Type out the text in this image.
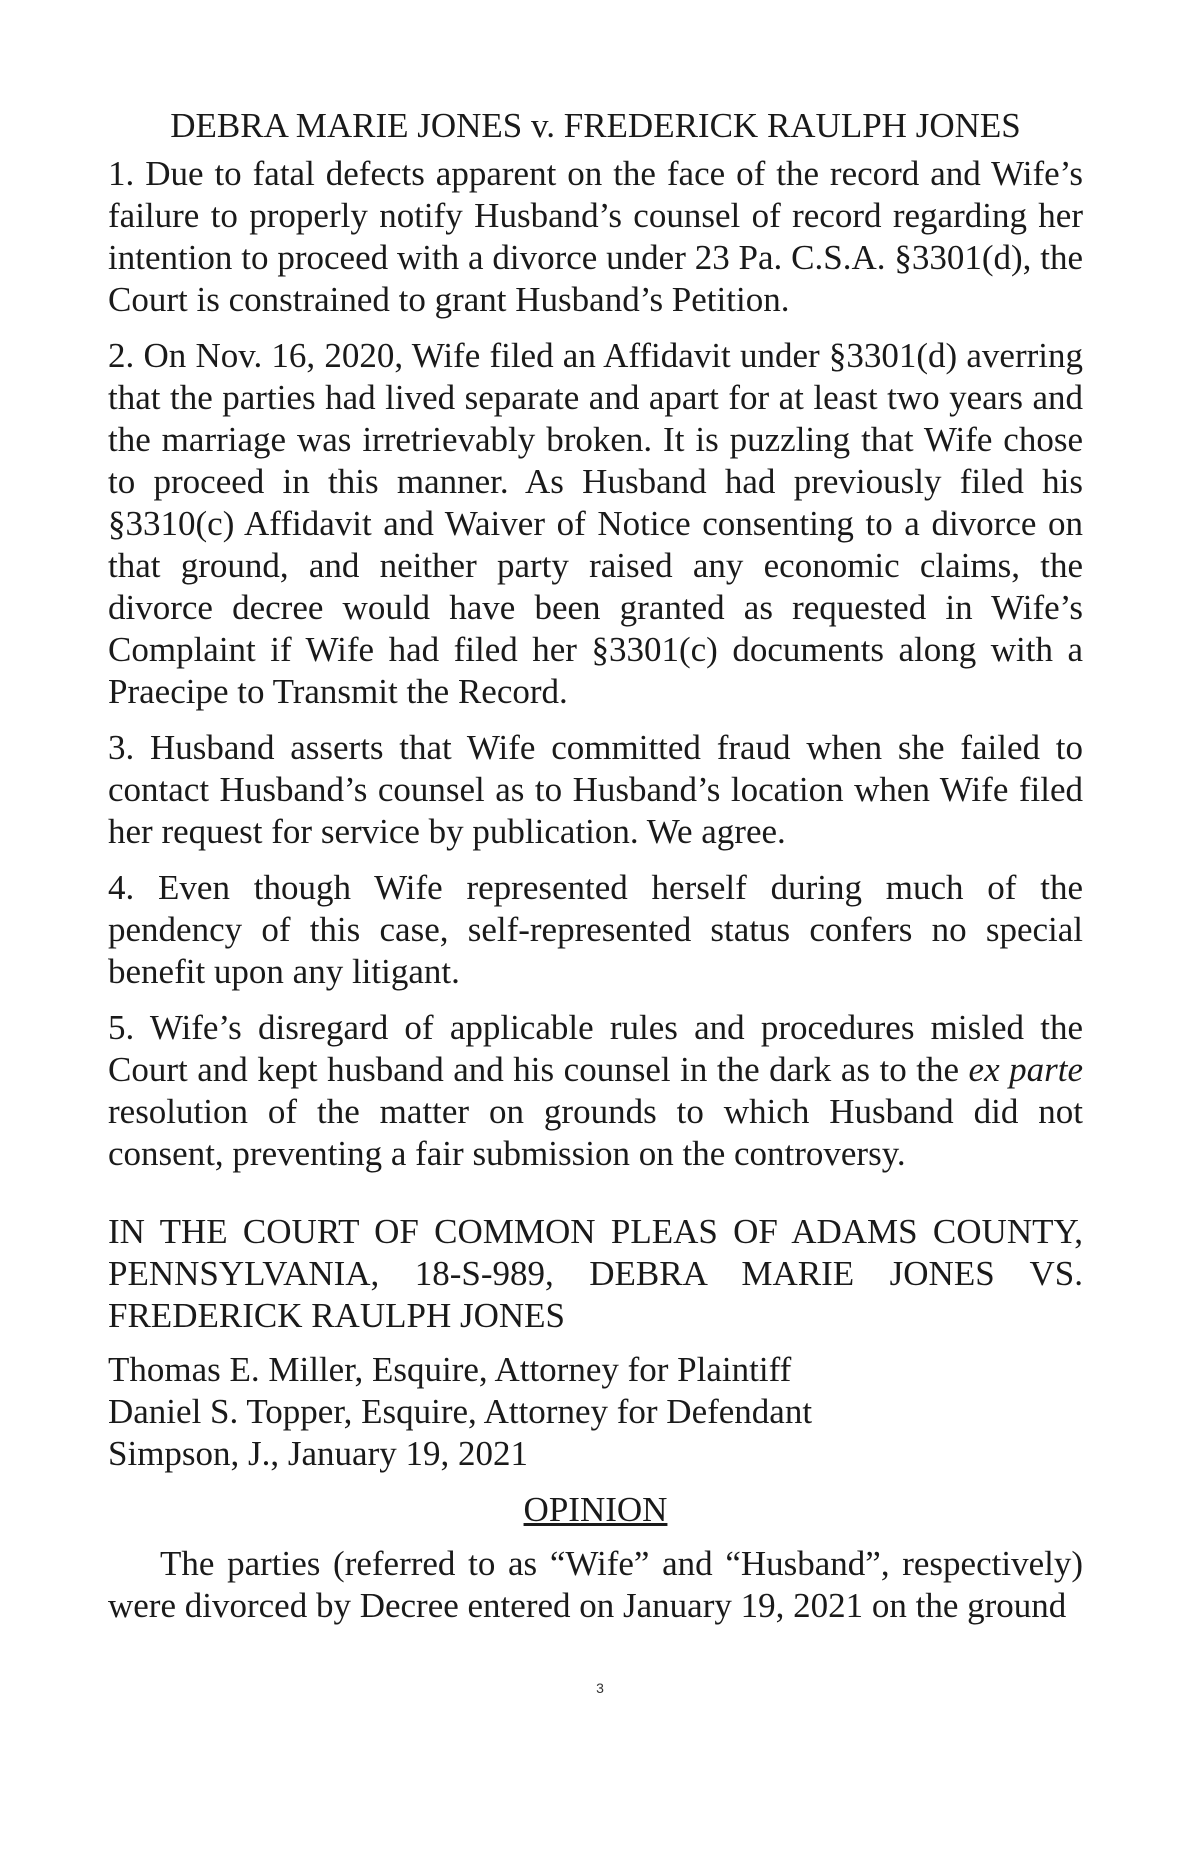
DEBRA MARIE JONES v. FREDERICK RAULPH JONES

1. Due to fatal defects apparent on the face of the record and Wife’s failure to properly notify Husband’s counsel of record regarding her intention to proceed with a divorce under 23 Pa. C.S.A. §3301(d), the Court is constrained to grant Husband’s Petition.

2. On Nov. 16, 2020, Wife filed an Affidavit under §3301(d) averring that the parties had lived separate and apart for at least two years and the marriage was irretrievably broken. It is puzzling that Wife chose to proceed in this manner. As Husband had previously filed his §3310(c) Affidavit and Waiver of Notice consenting to a divorce on that ground, and neither party raised any economic claims, the divorce decree would have been granted as requested in Wife’s Complaint if Wife had filed her §3301(c) documents along with a Praecipe to Transmit the Record.

3. Husband asserts that Wife committed fraud when she failed to contact Husband’s counsel as to Husband’s location when Wife filed her request for service by publication. We agree.

4. Even though Wife represented herself during much of the pendency of this case, self-represented status confers no special benefit upon any litigant.

5. Wife’s disregard of applicable rules and procedures misled the Court and kept husband and his counsel in the dark as to the ex parte resolution of the matter on grounds to which Husband did not consent, preventing a fair submission on the controversy.

IN THE COURT OF COMMON PLEAS OF ADAMS COUNTY, PENNSYLVANIA, 18-S-989, DEBRA MARIE JONES VS. FREDERICK RAULPH JONES

Thomas E. Miller, Esquire, Attorney for Plaintiff
Daniel S. Topper, Esquire, Attorney for Defendant
Simpson, J., January 19, 2021

OPINION

The parties (referred to as “Wife” and “Husband”, respectively) were divorced by Decree entered on January 19, 2021 on the ground

3
